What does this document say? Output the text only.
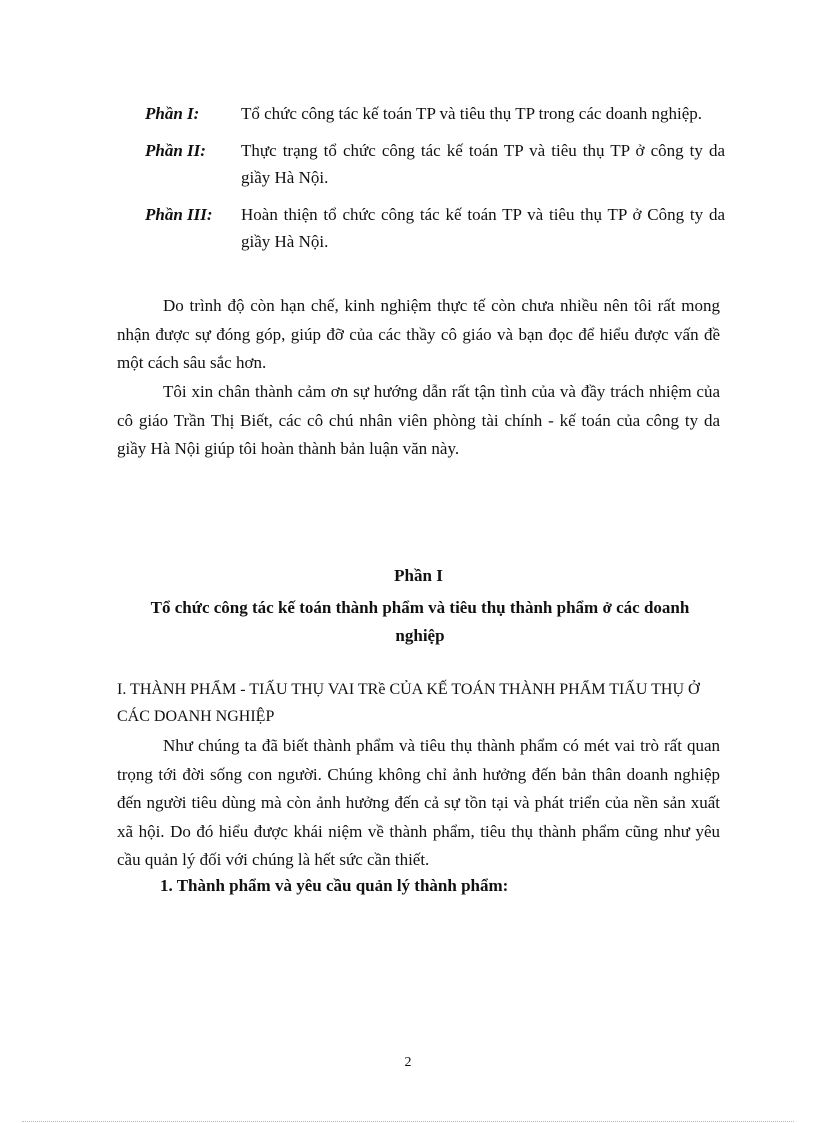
Phần I:	Tổ chức công tác kế toán TP và tiêu thụ TP trong các doanh nghiệp.
Phần II:	Thực trạng tổ chức công tác kế toán TP và tiêu thụ TP ở công ty da giầy Hà Nội.
Phần III:	Hoàn thiện tổ chức công tác kế toán TP và tiêu thụ TP ở Công ty da giầy Hà Nội.

Do trình độ còn hạn chế, kinh nghiệm thực tế còn chưa nhiều nên tôi rất mong nhận được sự đóng góp, giúp đỡ của các thầy cô giáo và bạn đọc để hiểu được vấn đề một cách sâu sắc hơn.

Tôi xin chân thành cảm ơn sự hướng dẫn rất tận tình của và đầy trách nhiệm của cô giáo Trần Thị Biết, các cô chú nhân viên phòng tài chính - kế toán của công ty da giầy Hà Nội giúp tôi hoàn thành bản luận văn này.

Phần I

Tổ chức công tác kế toán thành phẩm và tiêu thụ thành phẩm ở các doanh nghiệp

I. THÀNH PHẨM - TIẤU THỤ VAI TRề CỦA KẾ TOÁN THÀNH PHẨM TIẤU THỤ Ở CÁC DOANH NGHIỆP

Như chúng ta đã biết thành phẩm và tiêu thụ thành phẩm có mét vai trò rất quan trọng tới đời sống con người. Chúng không chỉ ảnh hưởng đến bản thân doanh nghiệp đến người tiêu dùng mà còn ảnh hưởng đến cả sự tồn tại và phát triển của nền sản xuất xã hội. Do đó hiểu được khái niệm về thành phẩm, tiêu thụ thành phẩm cũng như yêu cầu quản lý đối với chúng là hết sức cần thiết.

1. Thành phẩm và yêu cầu quản lý thành phẩm:

2
